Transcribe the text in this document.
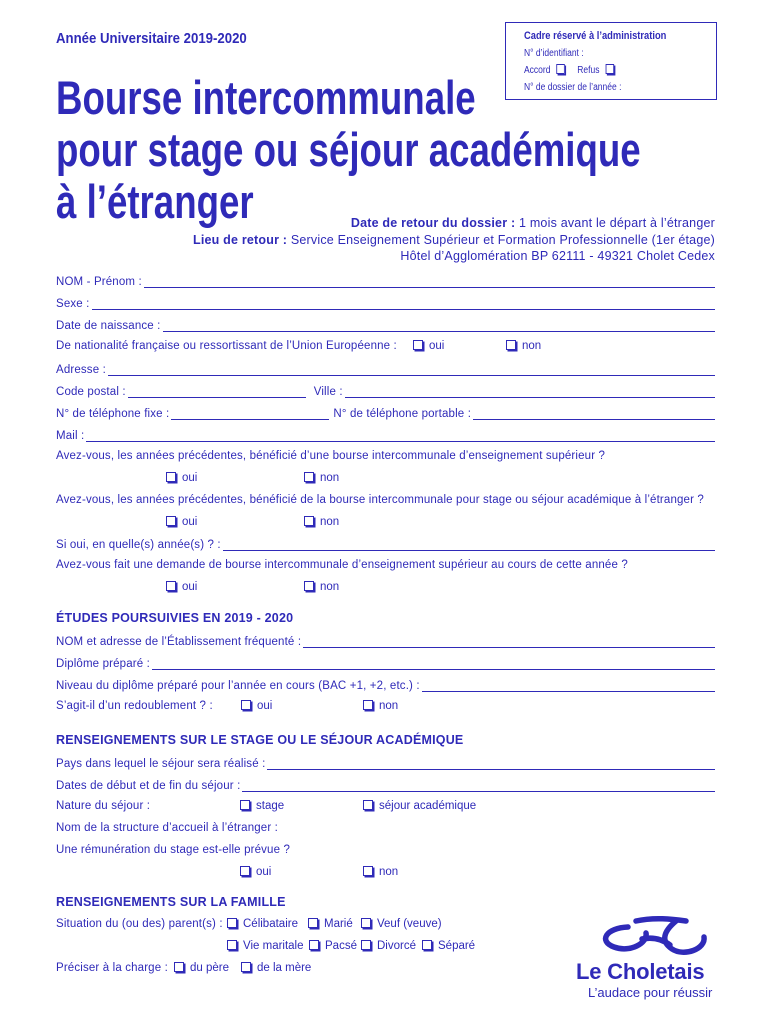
Année Universitaire 2019-2020	Cadre réservé à l’administration
N° d’identifiant :
Accord	Refus
N° de dossier de l’année :
Bourse intercommunale
pour stage ou séjour académique
à l’étranger	Date de retour du dossier : 1 mois avant le départ à l’étranger
Lieu de retour : Service Enseignement Supérieur et Formation Professionnelle (1er étage)
Hôtel d’Agglomération BP 62111 - 49321 Cholet Cedex
NOM - Prénom :
Sexe :
Date de naissance :
De nationalité française ou ressortissant de l’Union Européenne :	oui	non
Adresse :
Code postal :	Ville :
N° de téléphone fixe :	N° de téléphone portable :
Mail :
Avez-vous, les années précédentes, bénéficié d’une bourse intercommunale d’enseignement supérieur ?
oui	non
Avez-vous, les années précédentes, bénéficié de la bourse intercommunale pour stage ou séjour académique à l’étranger ?
oui	non
Si oui, en quelle(s) année(s) ? :
Avez-vous fait une demande de bourse intercommunale d’enseignement supérieur au cours de cette année ?
oui	non
ÉTUDES POURSUIVIES EN 2019 - 2020
NOM et adresse de l’Établissement fréquenté :
Diplôme préparé :
Niveau du diplôme préparé pour l’année en cours (BAC +1, +2, etc.) :
S’agit-il d’un redoublement ? :	oui	non
RENSEIGNEMENTS SUR LE STAGE OU LE SÉJOUR ACADÉMIQUE
Pays dans lequel le séjour sera réalisé :
Dates de début et de fin du séjour :
Nature du séjour :	stage	séjour académique
Nom de la structure d’accueil à l’étranger :
Une rémunération du stage est-elle prévue ?
oui	non
RENSEIGNEMENTS SUR LA FAMILLE
Situation du (ou des) parent(s) :	Célibataire	Marié	Veuf (veuve)
Vie maritale	Pacsé	Divorcé	Séparé
Préciser à la charge :	du père	de la mère	Le Choletais
L’audace pour réussir
